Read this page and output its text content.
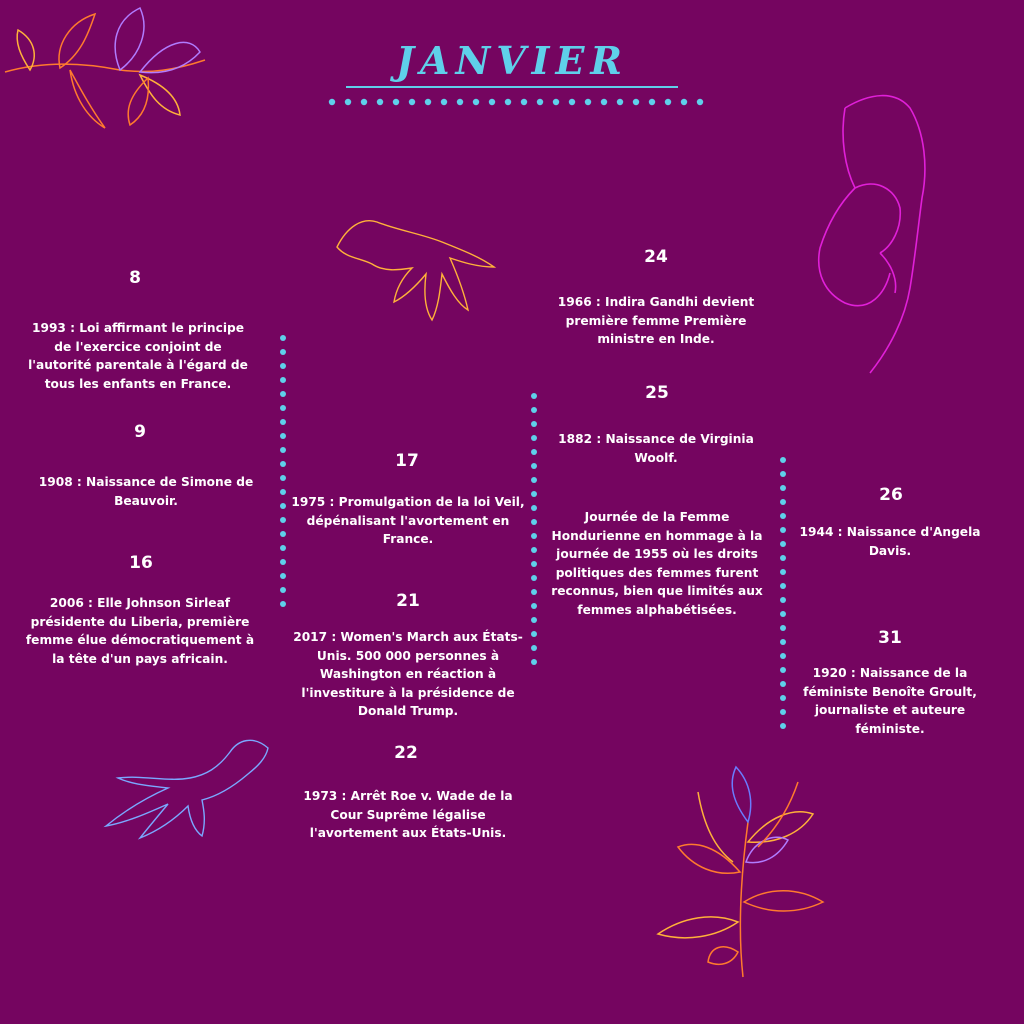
JANVIER
8
1993 : Loi affirmant le principe
de l'exercice conjoint de
l'autorité parentale à l'égard de
tous les enfants en France.
9
1908 : Naissance de Simone de
Beauvoir.
16
2006 : Elle Johnson Sirleaf
présidente du Liberia, première
femme élue démocratiquement à
la tête d'un pays africain.
17
1975 : Promulgation de la loi Veil,
dépénalisant l'avortement en
France.
21
2017 : Women's March aux États-
Unis. 500 000 personnes à
Washington en réaction à
l'investiture à la présidence de
Donald Trump.
22
1973 : Arrêt Roe v. Wade de la
Cour Suprême légalise
l'avortement aux États-Unis.
24
1966 : Indira Gandhi devient
première femme Première
ministre en Inde.
25
1882 : Naissance de Virginia
Woolf.
Journée de la Femme
Hondurienne en hommage à la
journée de 1955 où les droits
politiques des femmes furent
reconnus, bien que limités aux
femmes alphabétisées.
26
1944 : Naissance d'Angela
Davis.
31
1920 : Naissance de la
féministe Benoîte Groult,
journaliste et auteure
féministe.
